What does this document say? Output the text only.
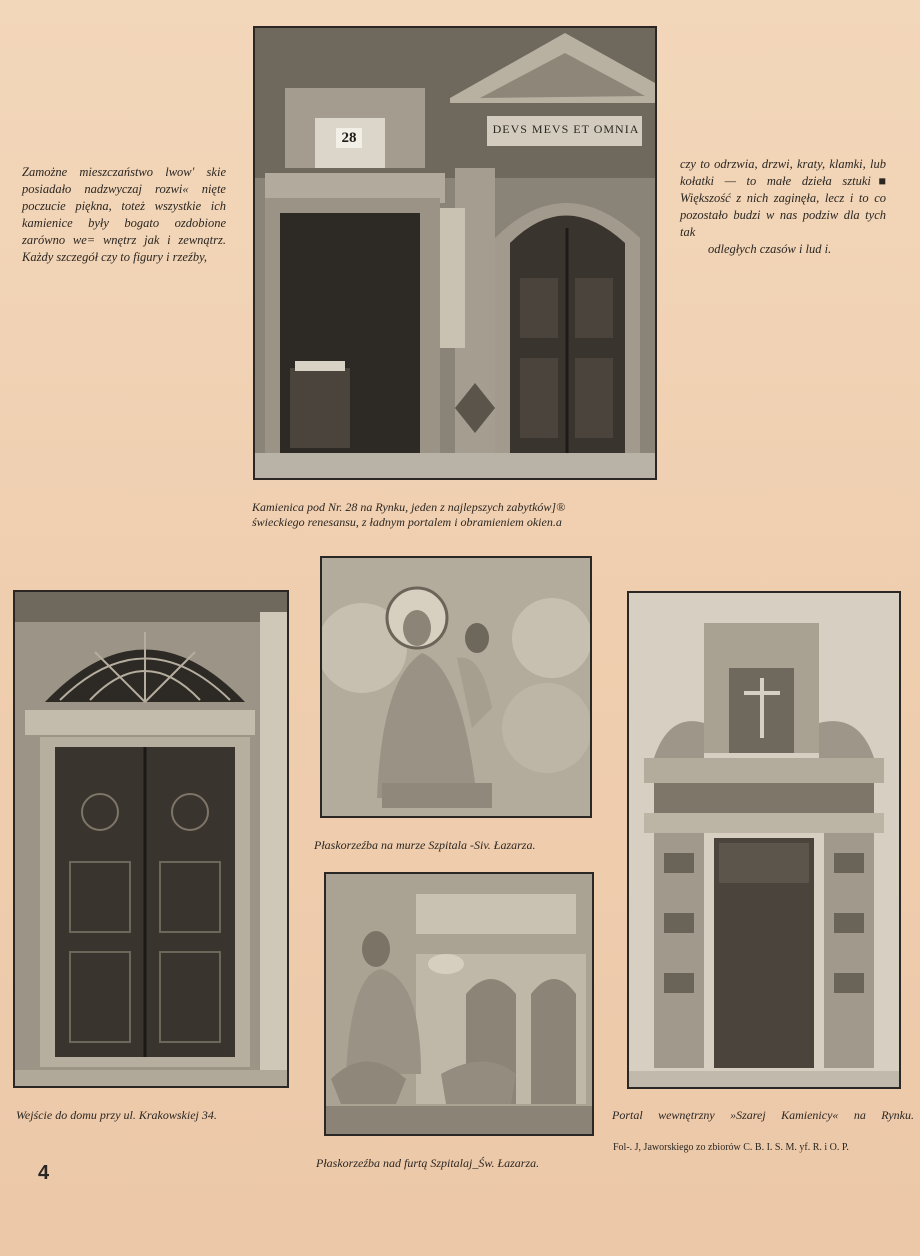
Zamożne mieszczaństwo lwow' skie posiadało nadzwyczaj rozwi« nięte poczucie piękna, toteż wszystkie ich kamienice były bogato ozdobione zarówno we= wnętrz jak i zewnątrz. Każdy szczegół czy to figury i rzeźby,
czy to odrzwia, drzwi, kraty, klamki, lub kołatki — to małe dzieła sztuki■ Większość z nich zaginęła, lecz i to co pozostało budzi w nas podziw dla tych tak
odległych czasów i lud i.
28
DEVS MEVS ET OMNIA
Kamienica pod Nr. 28 na Rynku, jeden z najlepszych zabytków]®
świeckiego renesansu, z ładnym portalem i obramieniem okien.a
Wejście do domu przy ul. Krakowskiej 34.
Płaskorzeźba na murze Szpitala -Siv. Łazarza.
Płaskorzeźba nad furtą Szpitalaj_Św. Łazarza.
Portal wewnętrzny »Szarej Kamienicy« na Rynku.
Fol-. J, Jaworskiego zo zbiorów C. B. I. S. M. yf. R. i O. P.
4
